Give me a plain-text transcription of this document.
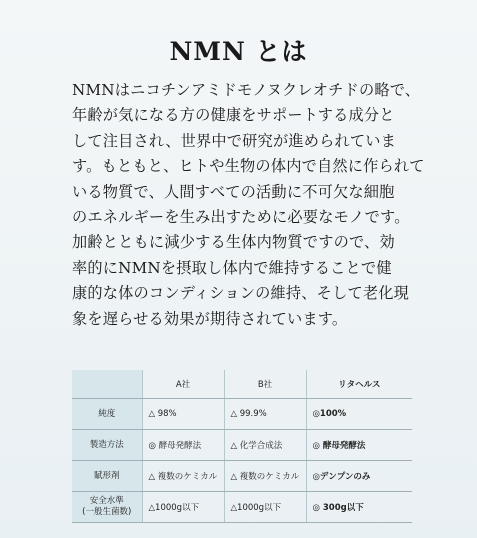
NMN とは
NMNはニコチンアミドモノヌクレオチドの略で、
年齢が気になる方の健康をサポートする成分と
して注目され、世界中で研究が進められていま
す。もともと、ヒトや生物の体内で自然に作られて
いる物質で、人間すべての活動に不可欠な細胞
のエネルギーを生み出すために必要なモノです。
加齢とともに減少する生体内物質ですので、効
率的にNMNを摂取し体内で維持することで健
康的な体のコンディションの維持、そして老化現
象を遅らせる効果が期待されています。
	A社	B社	リタヘルス
純度	△ 98%	△ 99.9%	◎100%
製造方法	◎ 酵母発酵法	△ 化学合成法	◎ 酵母発酵法
賦形剤	△ 複数のケミカル	△ 複数のケミカル	◎デンプンのみ

安全水準
(一般生菌数)	△1000g以下	△1000g以下	◎ 300g以下
